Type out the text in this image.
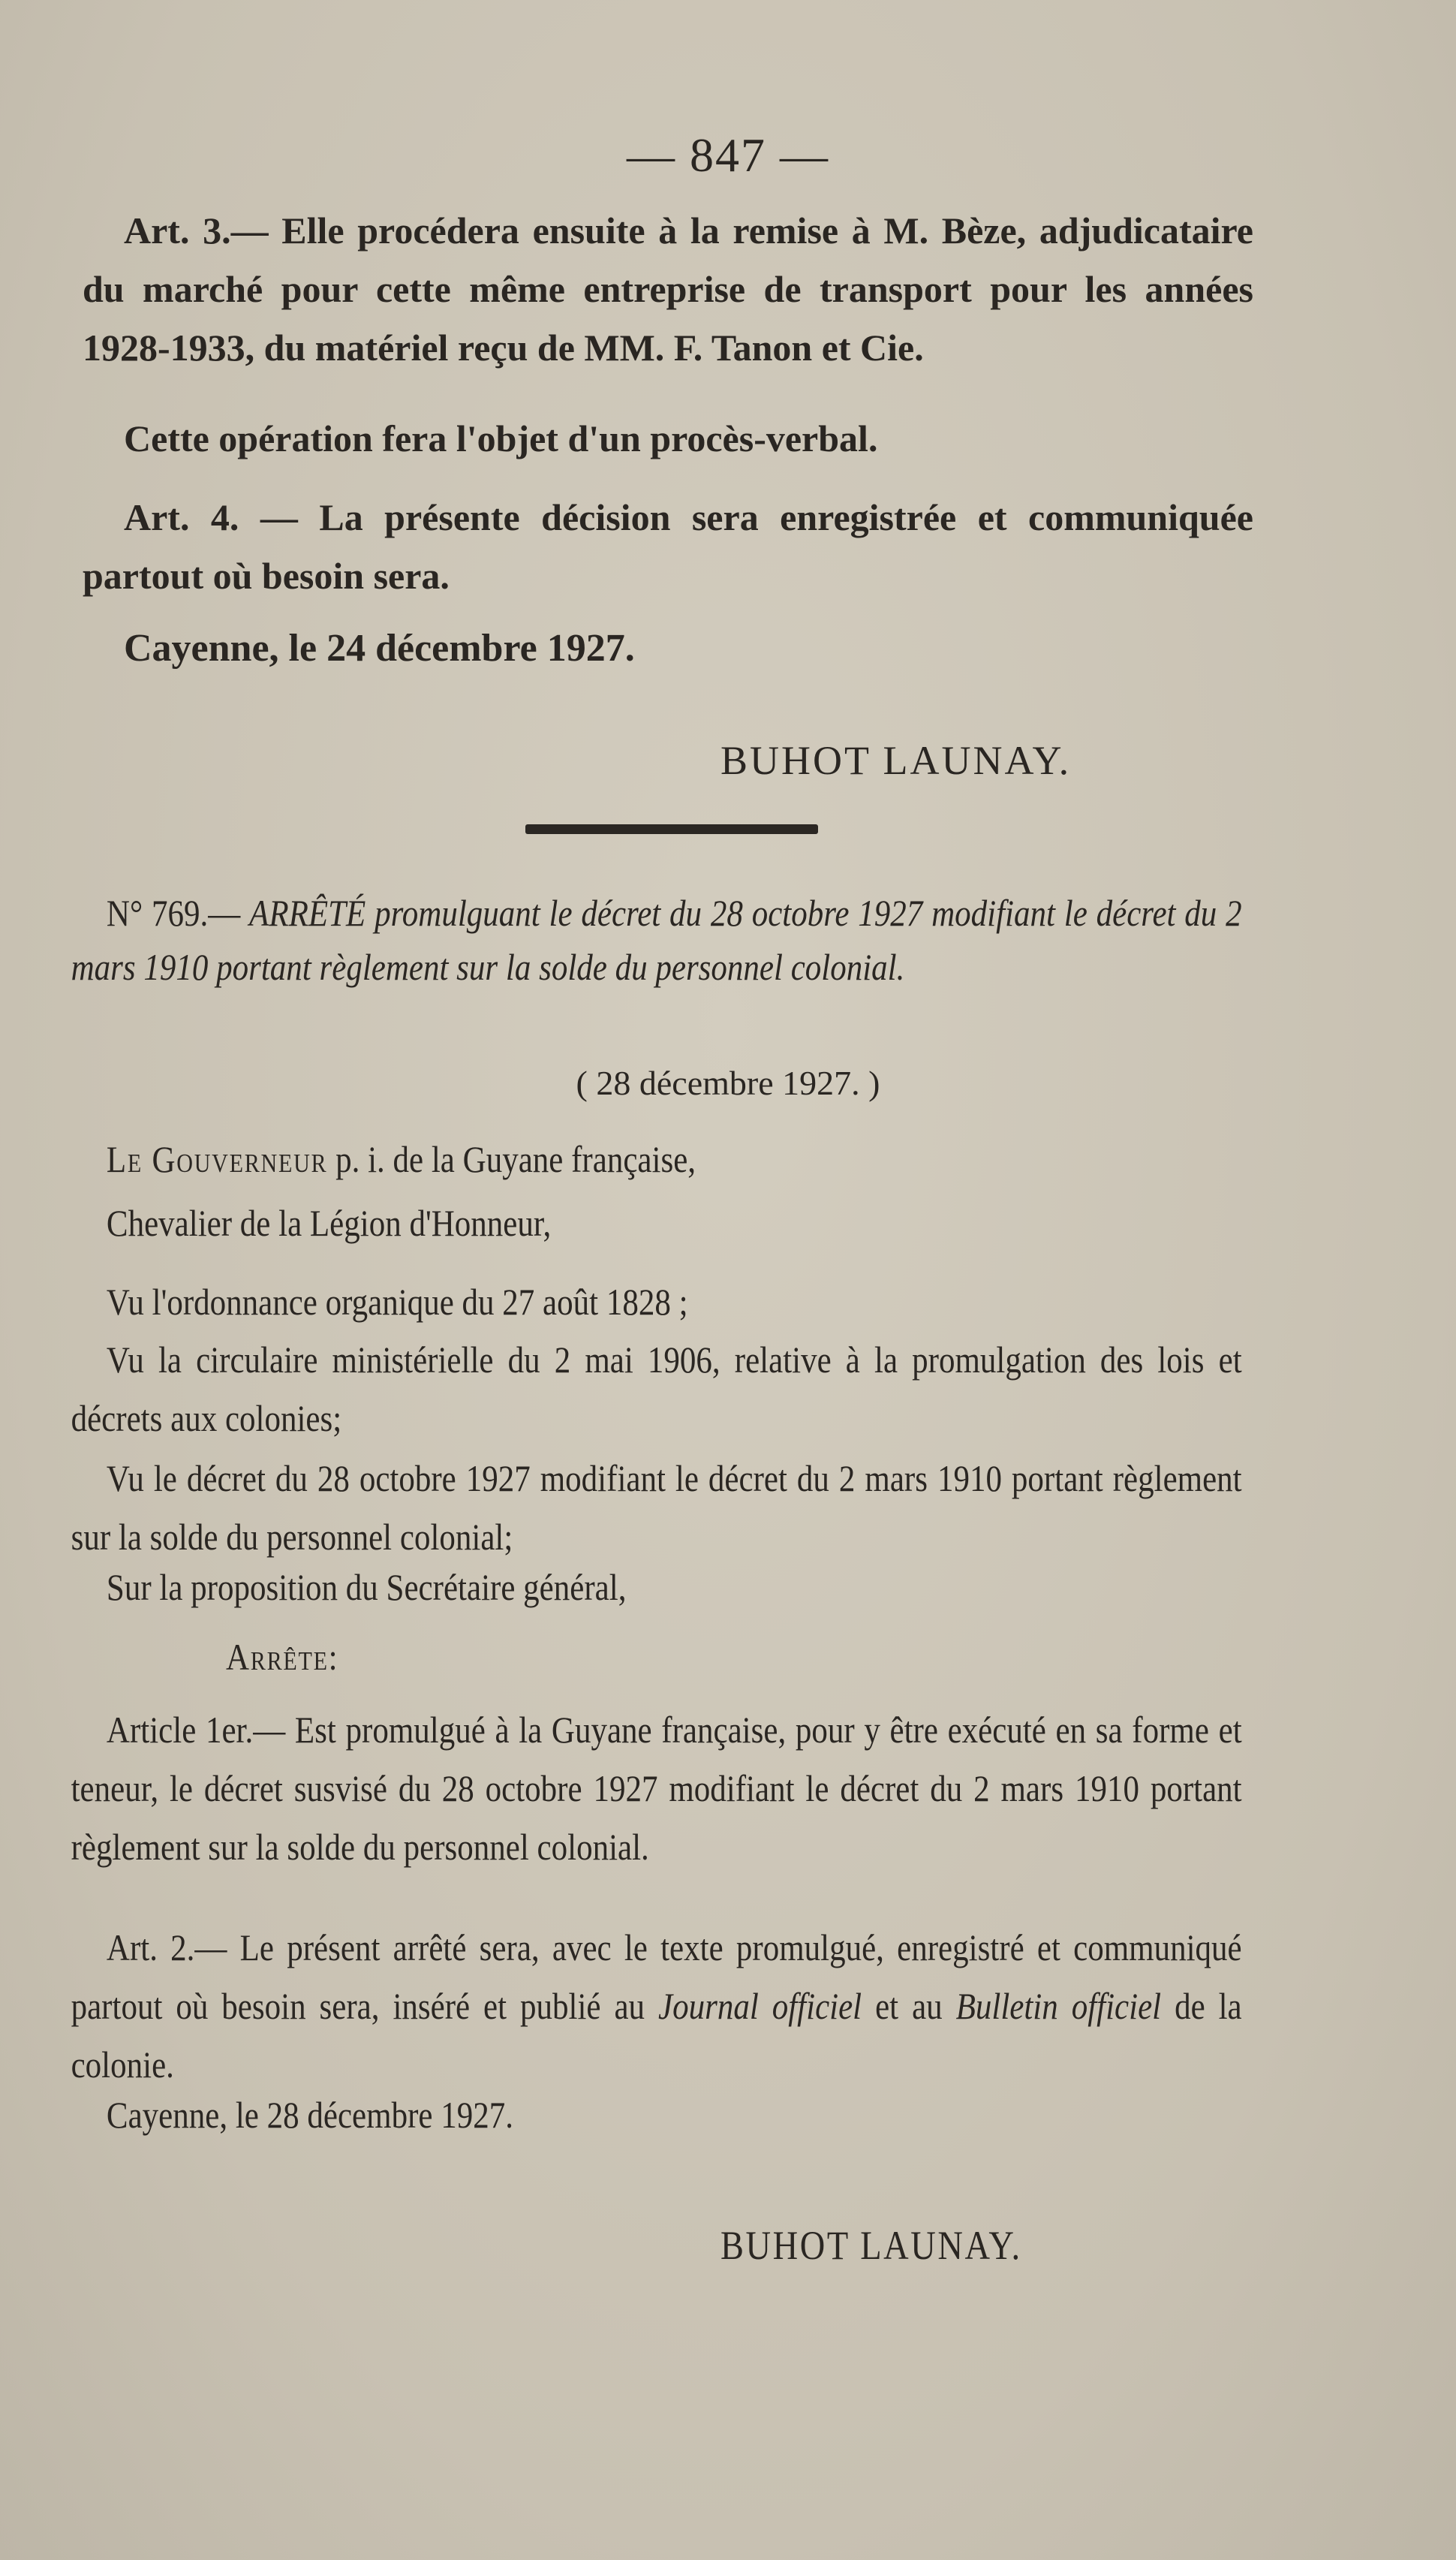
— 847 —

Art. 3.— Elle procédera ensuite à la remise à M. Bèze, adjudicataire du marché pour cette même entreprise de transport pour les années 1928-1933, du matériel reçu de MM. F. Tanon et Cie.

Cette opération fera l'objet d'un procès-verbal.

Art. 4. — La présente décision sera enregistrée et communiquée partout où besoin sera.

Cayenne, le 24 décembre 1927.

BUHOT LAUNAY.

N° 769.— ARRÊTÉ promulguant le décret du 28 octobre 1927 modifiant le décret du 2 mars 1910 portant règlement sur la solde du personnel colonial.

( 28 décembre 1927. )

Le Gouverneur p. i. de la Guyane française,

Chevalier de la Légion d'Honneur,

Vu l'ordonnance organique du 27 août 1828 ;

Vu la circulaire ministérielle du 2 mai 1906, relative à la promulgation des lois et décrets aux colonies;

Vu le décret du 28 octobre 1927 modifiant le décret du 2 mars 1910 portant règlement sur la solde du personnel colonial;

Sur la proposition du Secrétaire général,

Arrête:

Article 1er.— Est promulgué à la Guyane française, pour y être exécuté en sa forme et teneur, le décret susvisé du 28 octobre 1927 modifiant le décret du 2 mars 1910 portant règlement sur la solde du personnel colonial.

Art. 2.— Le présent arrêté sera, avec le texte promulgué, enregistré et communiqué partout où besoin sera, inséré et publié au Journal officiel et au Bulletin officiel de la colonie.

Cayenne, le 28 décembre 1927.

BUHOT LAUNAY.
